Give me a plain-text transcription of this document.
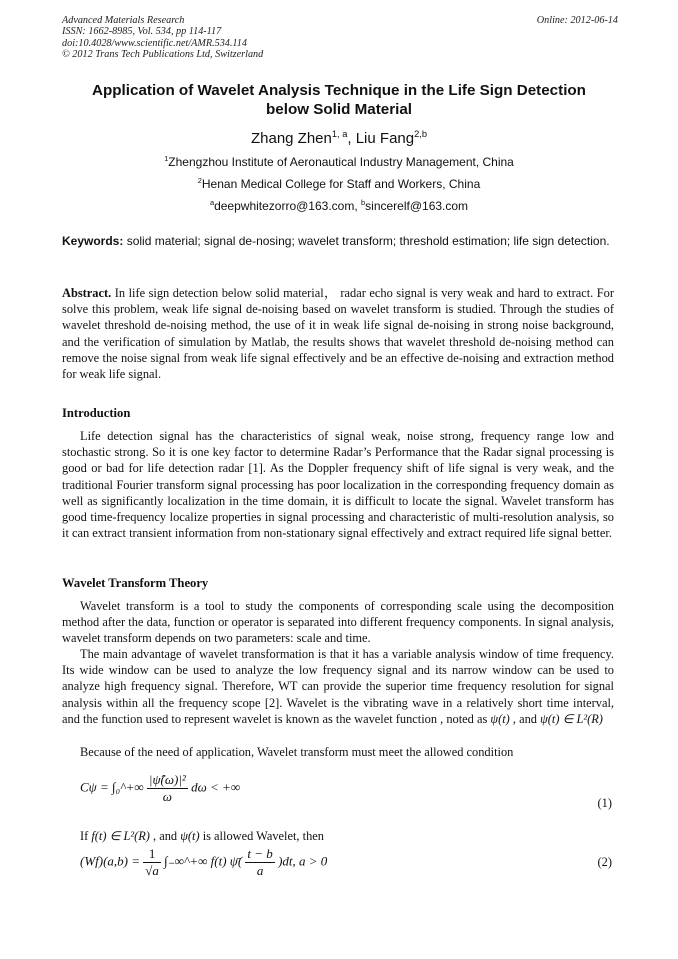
Advanced Materials Research
ISSN: 1662-8985, Vol. 534, pp 114-117
doi:10.4028/www.scientific.net/AMR.534.114
© 2012 Trans Tech Publications Ltd, Switzerland
Online: 2012-06-14
Application of Wavelet Analysis Technique in the Life Sign Detection
below Solid Material
Zhang Zhen$^{1, a}$, Liu Fang$^{2,b}$
$^1$Zhengzhou Institute of Aeronautical Industry Management, China
$^2$Henan Medical College for Staff and Workers, China
$^a$deepwhitezorro@163.com, $^b$sincerelf@163.com
Keywords: solid material; signal de-nosing; wavelet transform; threshold estimation; life sign detection.
Abstract. In life sign detection below solid material， radar echo signal is very weak and hard to extract. For solve this problem, weak life signal de-noising based on wavelet transform is studied. Through the studies of wavelet threshold de-noising method, the use of it in weak life signal de-noising in strong noise background, and the verification of simulation by Matlab, the results shows that wavelet threshold de-noising method can remove the noise signal from weak life signal effectively and be an effective de-noising and extraction method for weak life signal.
Introduction
Life detection signal has the characteristics of signal weak, noise strong, frequency range low and stochastic strong. So it is one key factor to determine Radar’s Performance that the Radar signal processing is good or bad for life detection radar [1]. As the Doppler frequency shift of life signal is very weak, and the traditional Fourier transform signal processing has poor localization in the corresponding frequency domain as well as significantly localization in the time domain, it is difficult to locate the signal. Wavelet transform has good time-frequency localize properties in signal processing and characteristic of multi-resolution analysis, so it can extract transient information from non-stationary signal effectively and extract required life signal better.
Wavelet Transform Theory
Wavelet transform is a tool to study the components of corresponding scale using the decomposition method after the data, function or operator is separated into different frequency components. In signal analysis, wavelet transform depends on two parameters: scale and time.
The main advantage of wavelet transformation is that it has a variable analysis window of time frequency. Its wide window can be used to analyze the low frequency signal and its narrow window can be used to analyze high frequency signal. Therefore, WT can provide the superior time frequency resolution for signal analysis within all the frequency scope [2]. Wavelet is the vibrating wave in a relatively short time interval, and the function used to represent wavelet is known as the wavelet function , noted as ψ(t) , and ψ(t) ∈ L²(R)
Because of the need of application, Wavelet transform must meet the allowed condition
Cψ = ∫₀^+∞ $\frac{\text{|ψ̂(ω)|²}}{\omega}$ dω < +∞
(1)
If f(t) ∈ L²(R) , and ψ(t) is allowed Wavelet, then
$(Wf)(a,b) = \frac{1}{√a}$ ∫₋∞^+∞ f(t) ψ̄( $\frac{t - b}{a} )dt$, a > 0	(2)
